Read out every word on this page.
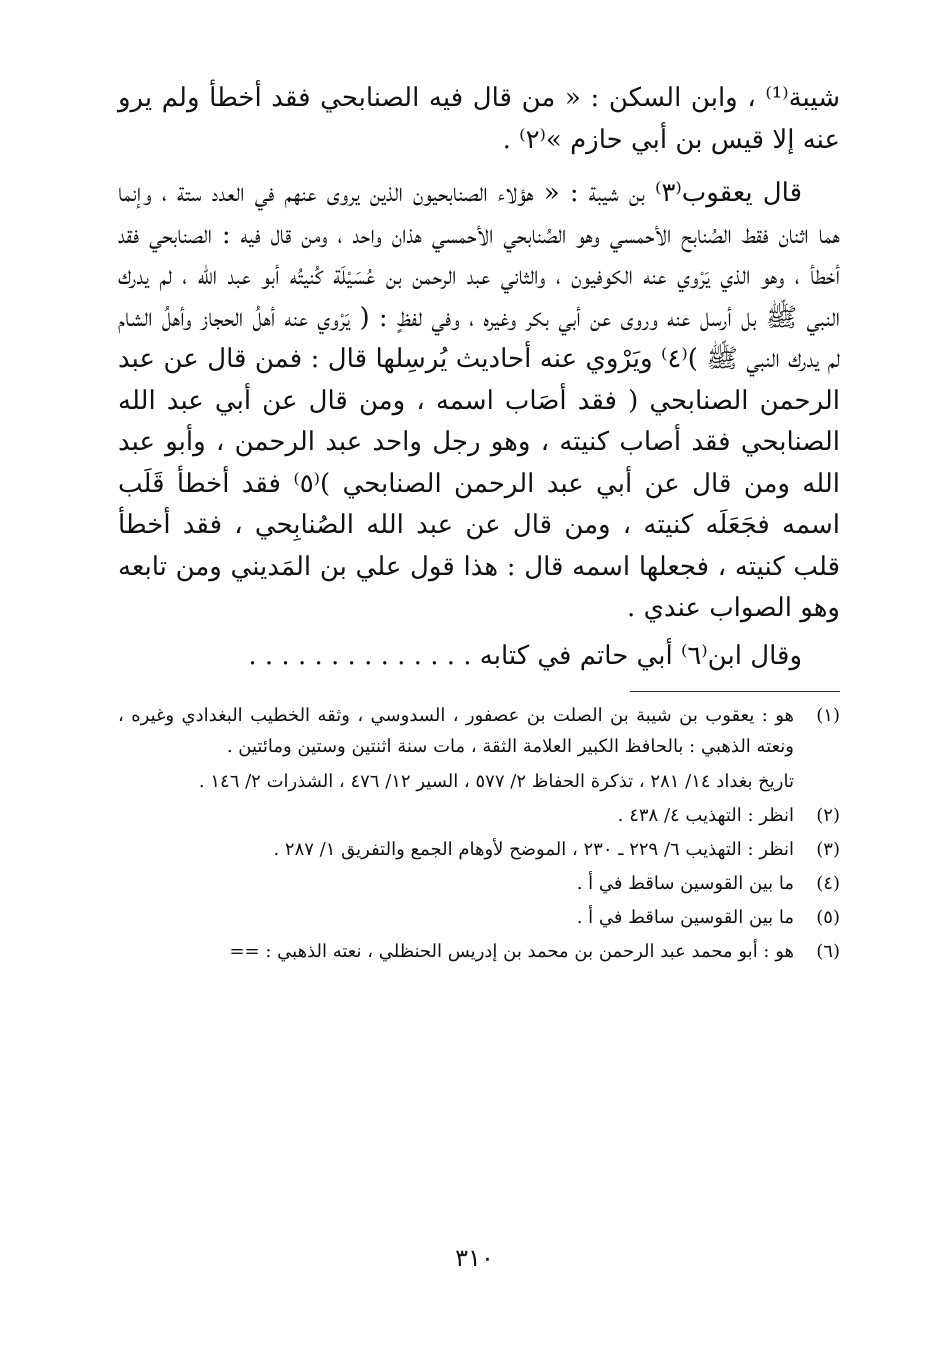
شيبة⁽¹⁾ ، وابن السكن : « من قال فيه الصنابحي فقد أخطأ ولم يرو عنه إلا قيس بن أبي حازم »⁽٢⁾ .

قال يعقوب⁽٣⁾ بن شيبة : « هؤلاء الصنابحيون الذين يروى عنهم في العدد ستة ، وإنما هما اثنان فقط الصُنابح الأحمسي وهو الصُنابحي الأحمسي هذان واحد ، ومن قال فيه : الصنابحي فقد أخطأ ، وهو الذي يَرْوي عنه الكوفيون ، والثاني عبد الرحمن بن عُسَيْلَة كُنيتُه أبو عبد الله ، لم يدرك النبي ﷺ بل أرسل عنه وروى عن أبي بكر وغيره ، وفي لفظٍ : ( يَرْوي عنه أهلُ الحجاز وأهلُ الشام لم يدرك النبي ﷺ )⁽٤⁾ ويَرْوي عنه أحاديث يُرسِلها قال : فمن قال عن عبد الرحمن الصنابحي ( فقد أصَاب اسمه ، ومن قال عن أبي عبد الله الصنابحي فقد أصاب كنيته ، وهو رجل واحد عبد الرحمن ، وأبو عبد الله ومن قال عن أبي عبد الرحمن الصنابحي )⁽٥⁾ فقد أخطأ قَلَب اسمه فجَعَلَه كنيته ، ومن قال عن عبد الله الصُنابِحي ، فقد أخطأ قلب كنيته ، فجعلها اسمه قال : هذا قول علي بن المَديني ومن تابعه وهو الصواب عندي .

وقال ابن⁽٦⁾ أبي حاتم في كتابه . . . . . . . . . . . . . .

(١)
هو : يعقوب بن شيبة بن الصلت بن عصفور ، السدوسي ، وثقه الخطيب البغدادي وغيره ، ونعته الذهبي : بالحافظ الكبير العلامة الثقة ، مات سنة اثنتين وستين ومائتين .
تاريخ بغداد ١٤/ ٢٨١ ، تذكرة الحفاظ ٢/ ٥٧٧ ، السير ١٢/ ٤٧٦ ، الشذرات ٢/ ١٤٦ .
(٢)
انظر : التهذيب ٤/ ٤٣٨ .
(٣)
انظر : التهذيب ٦/ ٢٢٩ ـ ٢٣٠ ، الموضح لأوهام الجمع والتفريق ١/ ٢٨٧ .
(٤)
ما بين القوسين ساقط في أ .
(٥)
ما بين القوسين ساقط في أ .
(٦)
هو : أبو محمد عبد الرحمن بن محمد بن إدريس الحنظلي ، نعته الذهبي : ==
٣١٠
